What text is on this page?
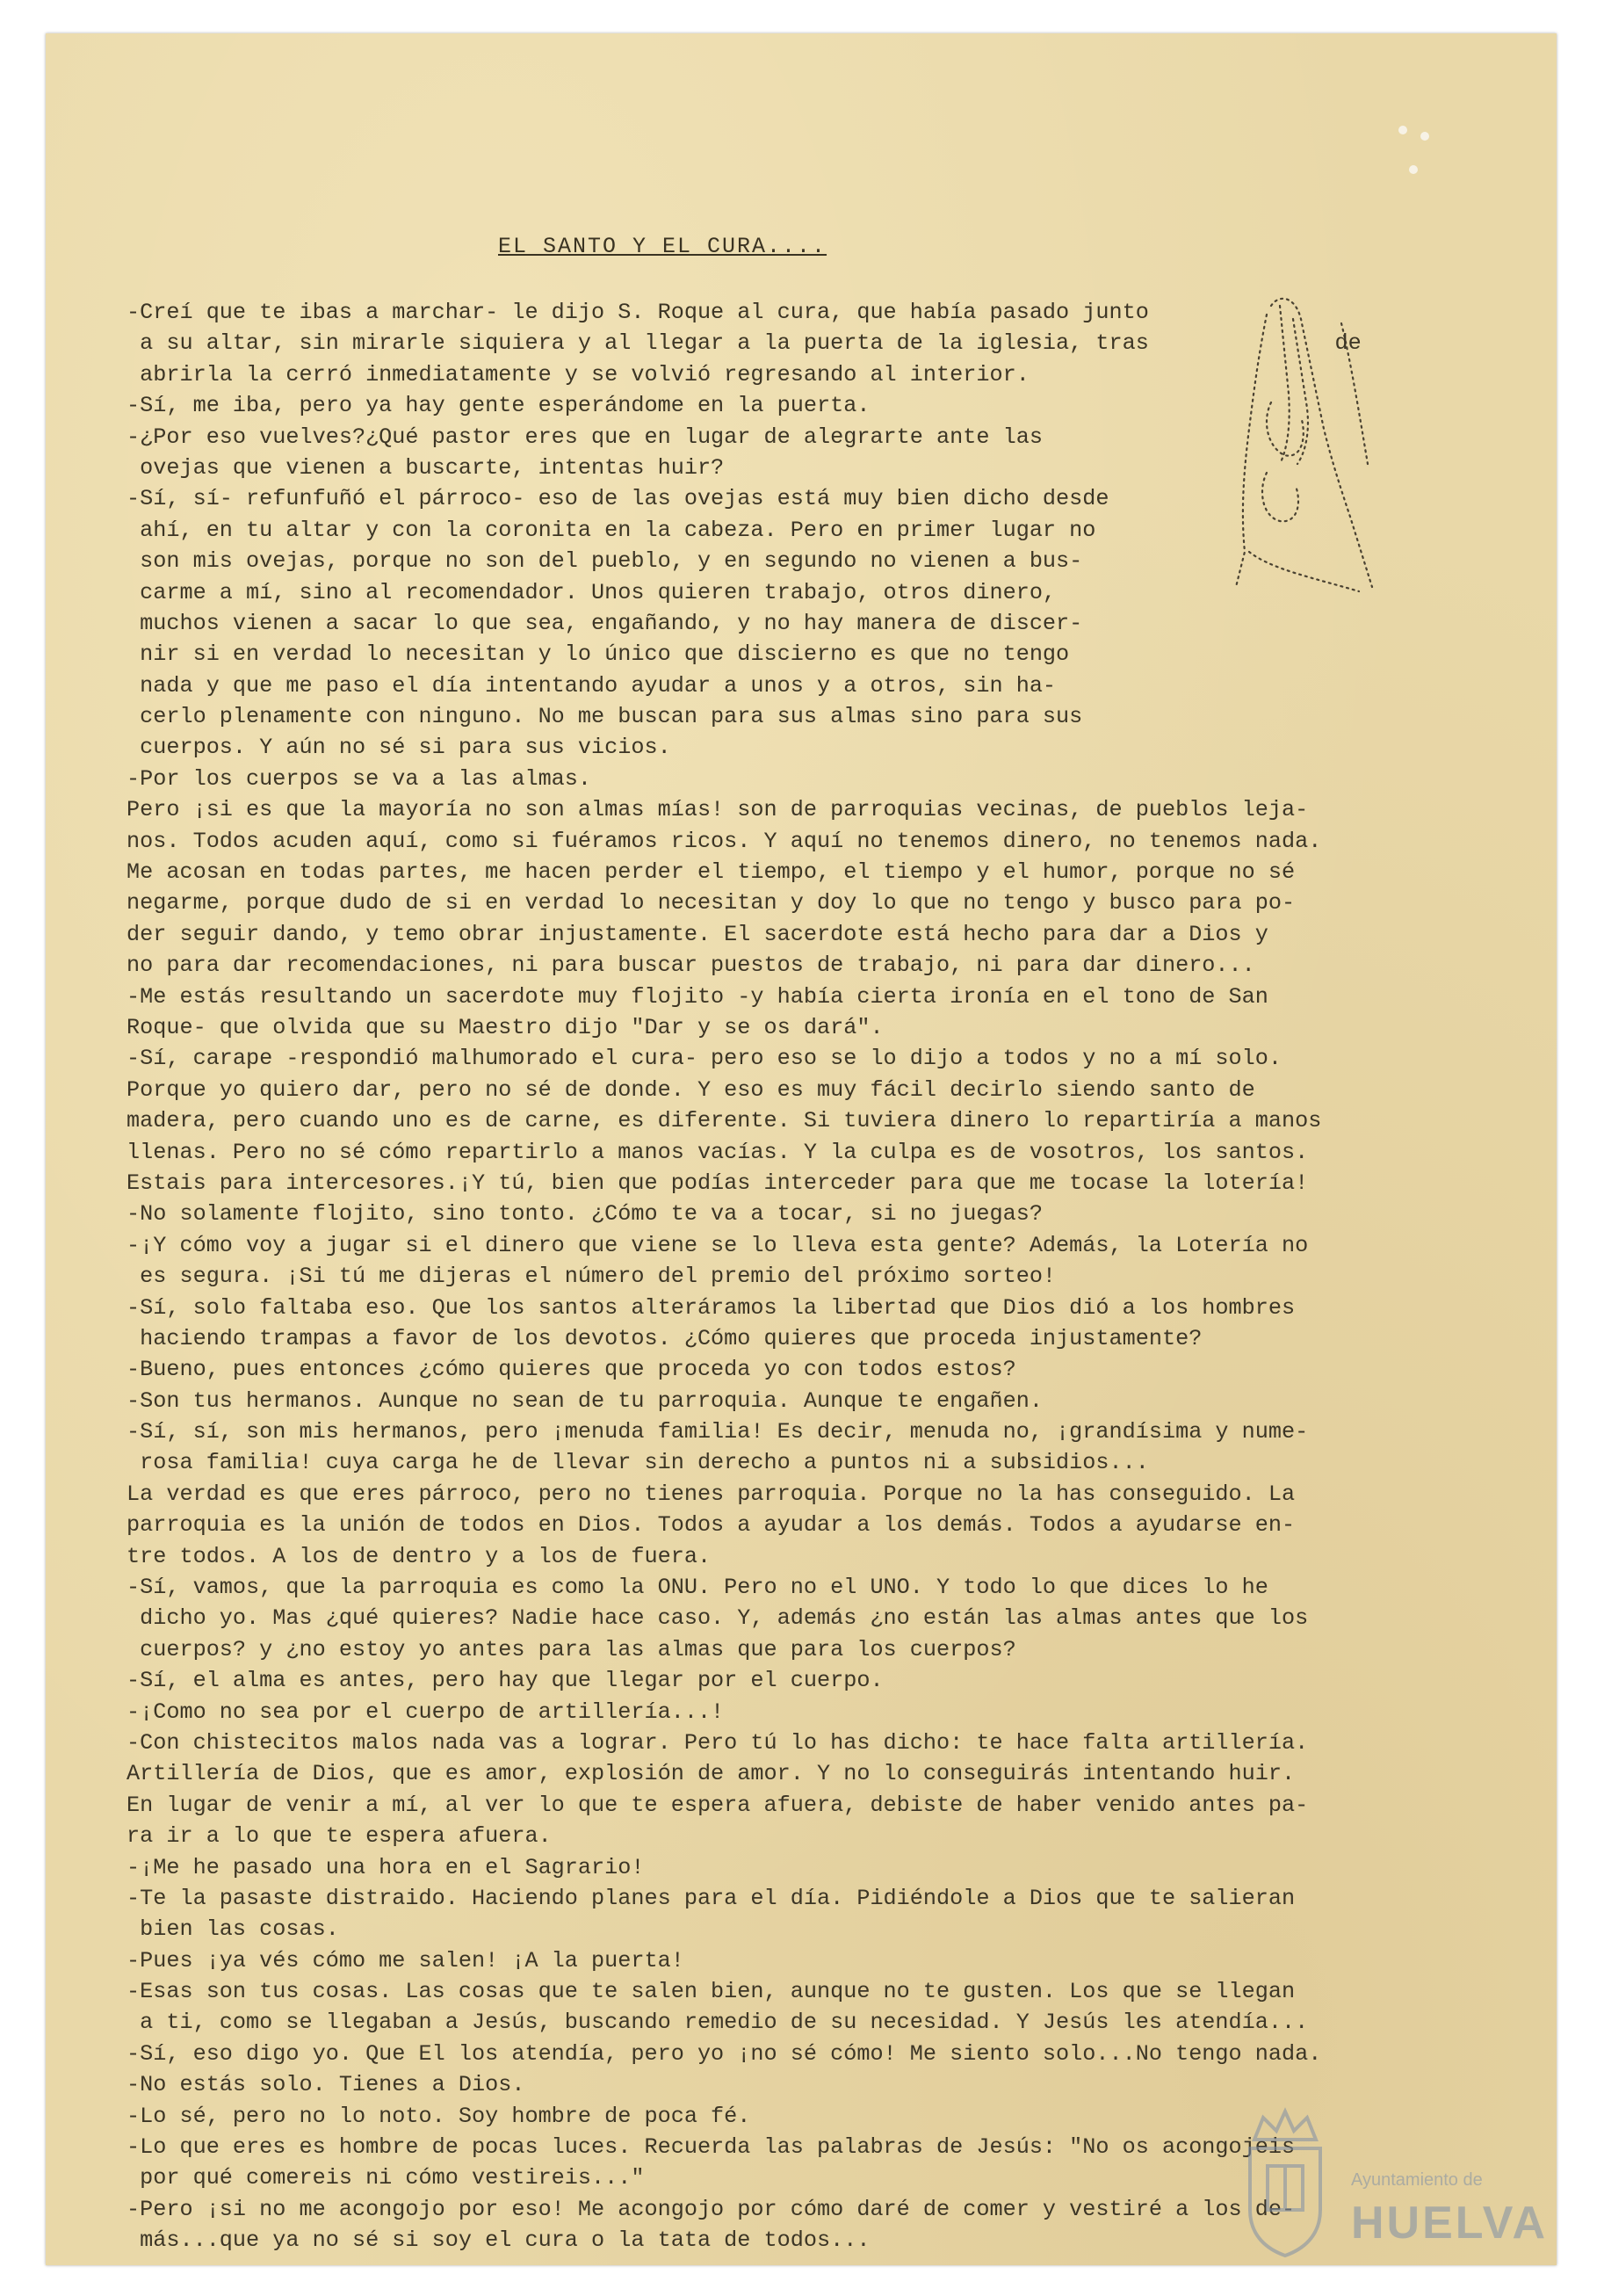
EL SANTO Y EL CURA....
-Creí que te ibas a marchar- le dijo S. Roque al cura, que había pasado junto
a su altar, sin mirarle siquiera y al llegar a la puerta de la iglesia, tras              de
abrirla la cerró inmediatamente y se volvió regresando al interior.
-Sí, me iba, pero ya hay gente esperándome en la puerta.
-¿Por eso vuelves?¿Qué pastor eres que en lugar de alegrarte ante las
ovejas que vienen a buscarte, intentas huir?
-Sí, sí- refunfuñó el párroco- eso de las ovejas está muy bien dicho desde
ahí, en tu altar y con la coronita en la cabeza. Pero en primer lugar no
son mis ovejas, porque no son del pueblo, y en segundo no vienen a bus-
carme a mí, sino al recomendador. Unos quieren trabajo, otros dinero,
muchos vienen a sacar lo que sea, engañando, y no hay manera de discer-
nir si en verdad lo necesitan y lo único que discierno es que no tengo
nada y que me paso el día intentando ayudar a unos y a otros, sin ha-
cerlo plenamente con ninguno. No me buscan para sus almas sino para sus
cuerpos. Y aún no sé si para sus vicios.
-Por los cuerpos se va a las almas.
Pero ¡si es que la mayoría no son almas mías! son de parroquias vecinas, de pueblos leja-
nos. Todos acuden aquí, como si fuéramos ricos. Y aquí no tenemos dinero, no tenemos nada.
Me acosan en todas partes, me hacen perder el tiempo, el tiempo y el humor, porque no sé
negarme, porque dudo de si en verdad lo necesitan y doy lo que no tengo y busco para po-
der seguir dando, y temo obrar injustamente. El sacerdote está hecho para dar a Dios y
no para dar recomendaciones, ni para buscar puestos de trabajo, ni para dar dinero...
-Me estás resultando un sacerdote muy flojito -y había cierta ironía en el tono de San
Roque- que olvida que su Maestro dijo "Dar y se os dará".
-Sí, carape -respondió malhumorado el cura- pero eso se lo dijo a todos y no a mí solo.
Porque yo quiero dar, pero no sé de donde. Y eso es muy fácil decirlo siendo santo de
madera, pero cuando uno es de carne, es diferente. Si tuviera dinero lo repartiría a manos
llenas. Pero no sé cómo repartirlo a manos vacías. Y la culpa es de vosotros, los santos.
Estais para intercesores.¡Y tú, bien que podías interceder para que me tocase la lotería!
-No solamente flojito, sino tonto. ¿Cómo te va a tocar, si no juegas?
-¡Y cómo voy a jugar si el dinero que viene se lo lleva esta gente? Además, la Lotería no
es segura. ¡Si tú me dijeras el número del premio del próximo sorteo!
-Sí, solo faltaba eso. Que los santos alteráramos la libertad que Dios dió a los hombres
haciendo trampas a favor de los devotos. ¿Cómo quieres que proceda injustamente?
-Bueno, pues entonces ¿cómo quieres que proceda yo con todos estos?
-Son tus hermanos. Aunque no sean de tu parroquia. Aunque te engañen.
-Sí, sí, son mis hermanos, pero ¡menuda familia! Es decir, menuda no, ¡grandísima y nume-
rosa familia! cuya carga he de llevar sin derecho a puntos ni a subsidios...
La verdad es que eres párroco, pero no tienes parroquia. Porque no la has conseguido. La
parroquia es la unión de todos en Dios. Todos a ayudar a los demás. Todos a ayudarse en-
tre todos. A los de dentro y a los de fuera.
-Sí, vamos, que la parroquia es como la ONU. Pero no el UNO. Y todo lo que dices lo he
dicho yo. Mas ¿qué quieres? Nadie hace caso. Y, además ¿no están las almas antes que los
cuerpos? y ¿no estoy yo antes para las almas que para los cuerpos?
-Sí, el alma es antes, pero hay que llegar por el cuerpo.
-¡Como no sea por el cuerpo de artillería...!
-Con chistecitos malos nada vas a lograr. Pero tú lo has dicho: te hace falta artillería.
Artillería de Dios, que es amor, explosión de amor. Y no lo conseguirás intentando huir.
En lugar de venir a mí, al ver lo que te espera afuera, debiste de haber venido antes pa-
ra ir a lo que te espera afuera.
-¡Me he pasado una hora en el Sagrario!
-Te la pasaste distraido. Haciendo planes para el día. Pidiéndole a Dios que te salieran
bien las cosas.
-Pues ¡ya vés cómo me salen! ¡A la puerta!
-Esas son tus cosas. Las cosas que te salen bien, aunque no te gusten. Los que se llegan
a ti, como se llegaban a Jesús, buscando remedio de su necesidad. Y Jesús les atendía...
-Sí, eso digo yo. Que El los atendía, pero yo ¡no sé cómo! Me siento solo...No tengo nada.
-No estás solo. Tienes a Dios.
-Lo sé, pero no lo noto. Soy hombre de poca fé.
-Lo que eres es hombre de pocas luces. Recuerda las palabras de Jesús: "No os acongojeis
por qué comereis ni cómo vestireis..."
-Pero ¡si no me acongojo por eso! Me acongojo por cómo daré de comer y vestiré a los de-
más...que ya no sé si soy el cura o la tata de todos...
Ayuntamiento de
HUELVA
